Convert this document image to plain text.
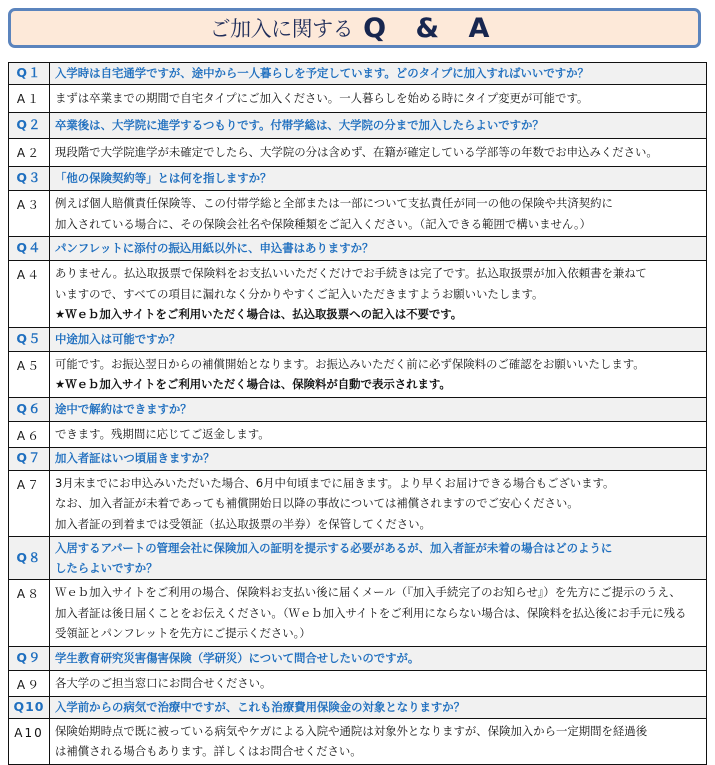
ご加入に関する Q & A
Q１	入学時は自宅通学ですが、途中から一人暮らしを予定しています。どのタイプに加入すればいいですか？

A１	まずは卒業までの期間で自宅タイプにご加入ください。一人暮らしを始める時にタイプ変更が可能です。

Q２	卒業後は、大学院に進学するつもりです。付帯学総は、大学院の分まで加入したらよいですか？

A２	現段階で大学院進学が未確定でしたら、大学院の分は含めず、在籍が確定している学部等の年数でお申込みください。

Q３	「他の保険契約等」とは何を指しますか？

A３	例えば個人賠償責任保険等、この付帯学総と全部または一部について支払責任が同一の他の保険や共済契約に
加入されている場合に、その保険会社名や保険種類をご記入ください。（記入できる範囲で構いません。）

Q４	パンフレットに添付の振込用紙以外に、申込書はありますか？

A４	ありません。払込取扱票で保険料をお支払いいただくだけでお手続きは完了です。払込取扱票が加入依頼書を兼ねて
いますので、すべての項目に漏れなく分かりやすくご記入いただきますようお願いいたします。
★Ｗｅｂ加入サイトをご利用いただく場合は、払込取扱票への記入は不要です。

Q５	中途加入は可能ですか？

A５	可能です。お振込翌日からの補償開始となります。お振込みいただく前に必ず保険料のご確認をお願いいたします。
★Ｗｅｂ加入サイトをご利用いただく場合は、保険料が自動で表示されます。

Q６	途中で解約はできますか？

A６	できます。残期間に応じてご返金します。

Q７	加入者証はいつ頃届きますか？

A７	3月末までにお申込みいただいた場合、6月中旬頃までに届きます。より早くお届けできる場合もございます。
なお、加入者証が未着であっても補償開始日以降の事故については補償されますのでご安心ください。
加入者証の到着までは受領証（払込取扱票の半券）を保管してください。

Q８	入居するアパートの管理会社に保険加入の証明を提示する必要があるが、加入者証が未着の場合はどのように
したらよいですか？

A８	Ｗｅｂ加入サイトをご利用の場合、保険料お支払い後に届くメール（『加入手続完了のお知らせ』）を先方にご提示のうえ、
加入者証は後日届くことをお伝えください。（Ｗｅｂ加入サイトをご利用にならない場合は、保険料を払込後にお手元に残る
受領証とパンフレットを先方にご提示ください。）

Q９	学生教育研究災害傷害保険（学研災）について問合せしたいのですが。

A９	各大学のご担当窓口にお問合せください。

Q10	入学前からの病気で治療中ですが、これも治療費用保険金の対象となりますか？

A10	保険始期時点で既に被っている病気やケガによる入院や通院は対象外となりますが、保険加入から一定期間を経過後
は補償される場合もあります。詳しくはお問合せください。
